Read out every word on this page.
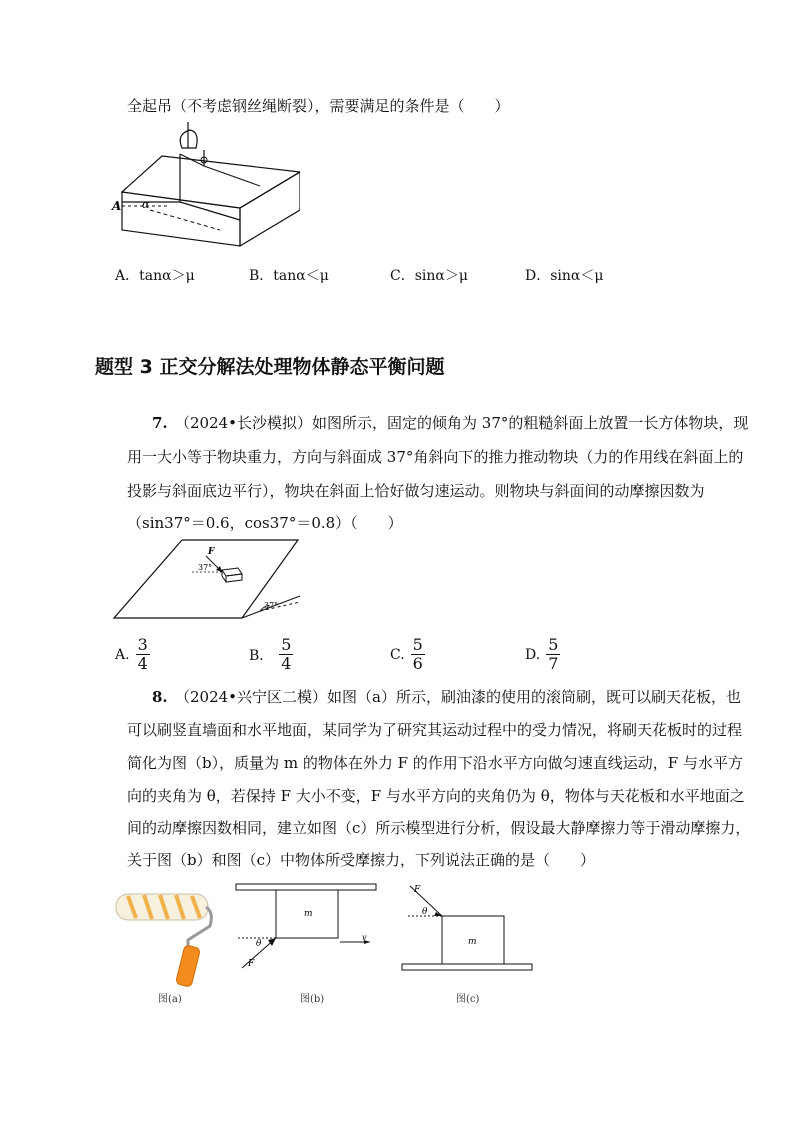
全起吊（不考虑钢丝绳断裂），需要满足的条件是（　　）
A α
A．tanα＞μ	B．tanα＜μ	C．sinα＞μ	D．sinα＜μ
题型 3 正交分解法处理物体静态平衡问题
7. （2024•长沙模拟）如图所示，固定的倾角为 37°的粗糙斜面上放置一长方体物块，现
用一大小等于物块重力，方向与斜面成 37°角斜向下的推力推动物块（力的作用线在斜面上的
投影与斜面底边平行），物块在斜面上恰好做匀速运动。则物块与斜面间的动摩擦因数为
（sin37°＝0.6，cos37°＝0.8）（　　）
37°
F
37°
A.
3
4	B．
5
4	C.
5
6	D.
5
7
8. （2024•兴宁区二模）如图（a）所示，刷油漆的使用的滚筒刷，既可以刷天花板，也
可以刷竖直墙面和水平地面，某同学为了研究其运动过程中的受力情况，将刷天花板时的过程
简化为图（b），质量为 m 的物体在外力 F 的作用下沿水平方向做匀速直线运动，F 与水平方
向的夹角为 θ，若保持 F 大小不变，F 与水平方向的夹角仍为 θ，物体与天花板和水平地面之
间的动摩擦因数相同，建立如图（c）所示模型进行分析，假设最大静摩擦力等于滑动摩擦力，
关于图（b）和图（c）中物体所受摩擦力，下列说法正确的是（　　）
图(a)
m
θ
F
v
图(b)
F
θ
m
图(c)
